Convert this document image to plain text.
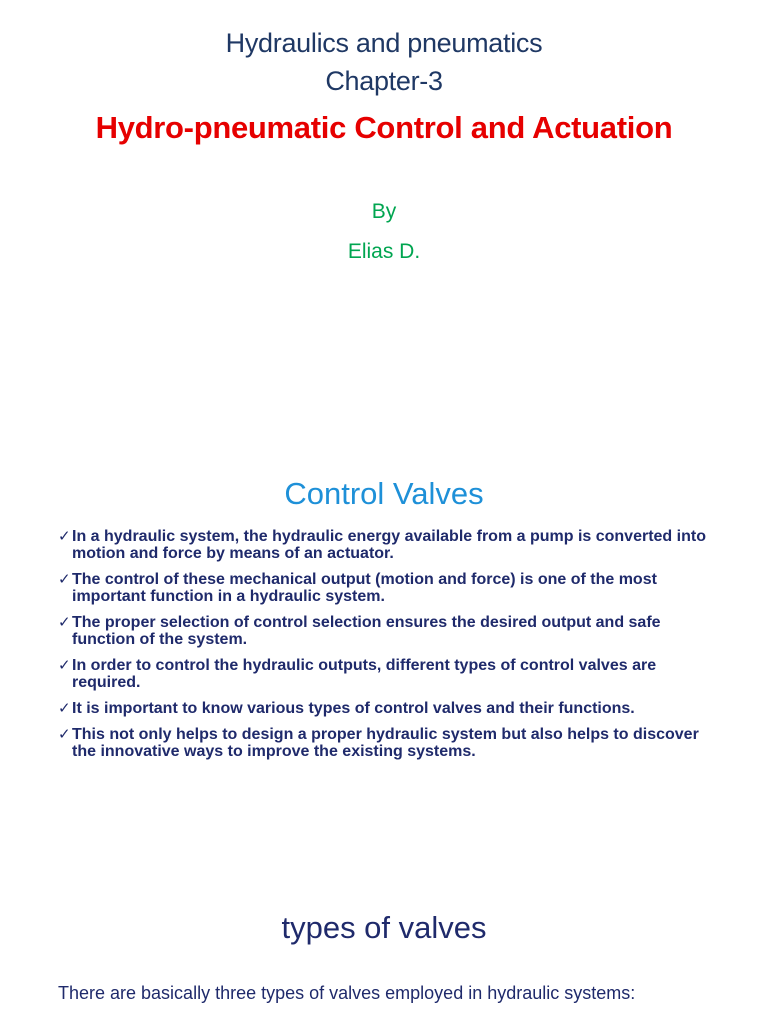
Hydraulics and pneumatics
Chapter-3
Hydro-pneumatic Control and Actuation
By
Elias D.
Control Valves
✓ In a hydraulic system, the hydraulic energy available from a pump is converted into motion and force by means of an actuator.
✓ The control of these mechanical output (motion and force) is one of the most important function in a hydraulic system.
✓ The proper selection of control selection ensures the desired output and safe function of the system.
✓ In order to control the hydraulic outputs, different types of control valves are required.
✓ It is important to know various types of control valves and their functions.
✓ This not only helps to design a proper hydraulic system but also helps to discover the innovative ways to improve the existing systems.
types of valves
There are basically three types of valves employed in hydraulic systems:
